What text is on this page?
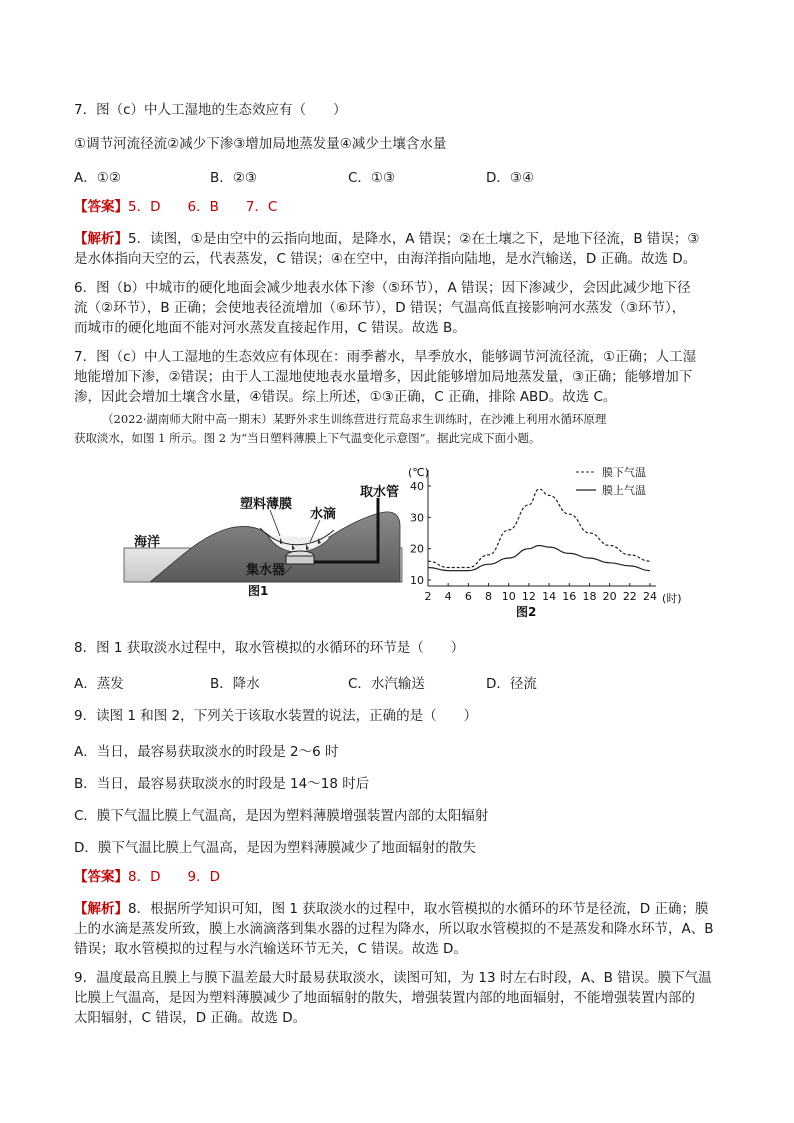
7．图（c）中人工湿地的生态效应有（　　）
①调节河流径流②减少下渗③增加局地蒸发量④减少土壤含水量
A．①②	B．②③	C．①③	D．③④
【答案】5．D　　6．B　　7．C
【解析】5．读图，①是由空中的云指向地面，是降水，A 错误；②在土壤之下，是地下径流，B 错误；③
是水体指向天空的云，代表蒸发，C 错误；④在空中，由海洋指向陆地，是水汽输送，D 正确。故选 D。
6．图（b）中城市的硬化地面会减少地表水体下渗（⑤环节），A 错误；因下渗减少，会因此减少地下径
流（②环节），B 正确；会使地表径流增加（⑥环节），D 错误；气温高低直接影响河水蒸发（③环节），
而城市的硬化地面不能对河水蒸发直接起作用，C 错误。故选 B。
7．图（c）中人工湿地的生态效应有体现在：雨季蓄水，旱季放水，能够调节河流径流，①正确；人工湿
地能增加下渗，②错误；由于人工湿地使地表水量增多，因此能够增加局地蒸发量，③正确；能够增加下
渗，因此会增加土壤含水量，④错误。综上所述，①③正确，C 正确，排除 ABD。故选 C。
（2022·湖南师大附中高一期末）某野外求生训练营进行荒岛求生训练时，在沙滩上利用水循环原理
获取淡水，如图 1 所示。图 2 为“当日塑料薄膜上下气温变化示意图”。据此完成下面小题。
塑料薄膜
水滴
取水管
海洋
集水器
图1
10
20
30
40
2 4 6 8 10 12 14 16 18 20 22 24
(℃)
(时)
膜下气温
膜上气温
图2
8．图 1 获取淡水过程中，取水管模拟的水循环的环节是（　　）
A．蒸发	B．降水	C．水汽输送	D．径流
9．读图 1 和图 2，下列关于该取水装置的说法，正确的是（　　）
A．当日，最容易获取淡水的时段是 2～6 时
B．当日，最容易获取淡水的时段是 14～18 时后
C．膜下气温比膜上气温高，是因为塑料薄膜增强装置内部的太阳辐射
D．膜下气温比膜上气温高，是因为塑料薄膜减少了地面辐射的散失
【答案】8．D　　9．D
【解析】8．根据所学知识可知，图 1 获取淡水的过程中，取水管模拟的水循环的环节是径流，D 正确；膜
上的水滴是蒸发所致，膜上水滴滴落到集水器的过程为降水，所以取水管模拟的不是蒸发和降水环节，A、B
错误；取水管模拟的过程与水汽输送环节无关，C 错误。故选 D。
9．温度最高且膜上与膜下温差最大时最易获取淡水，读图可知，为 13 时左右时段，A、B 错误。膜下气温
比膜上气温高，是因为塑料薄膜减少了地面辐射的散失，增强装置内部的地面辐射，不能增强装置内部的
太阳辐射，C 错误，D 正确。故选 D。
